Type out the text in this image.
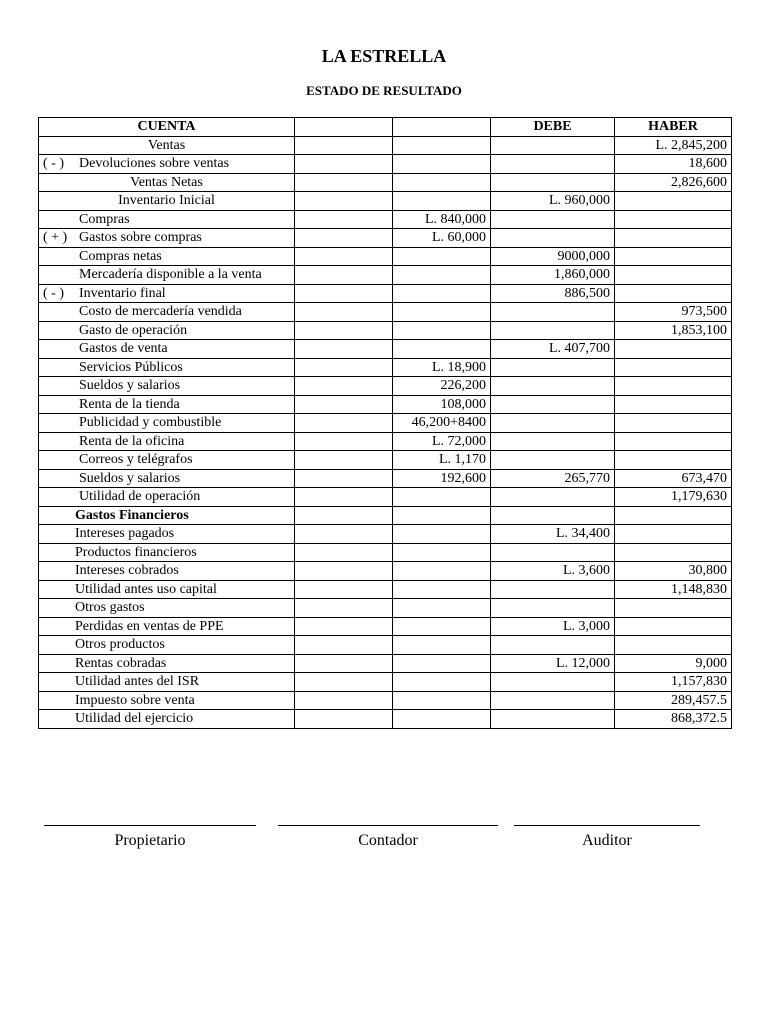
LA ESTRELLA
ESTADO DE RESULTADO
CUENTA			DEBE	HABER

Ventas				L. 2,845,200

( - ) Devoluciones sobre ventas				18,600

Ventas Netas				2,826,600

Inventario Inicial			L. 960,000	

Compras		L. 840,000		

( + ) Gastos sobre compras		L. 60,000		

Compras netas			9000,000	

Mercadería disponible a la venta			1,860,000	

( - ) Inventario final			886,500	

Costo de mercadería vendida				973,500

Gasto de operación				1,853,100

Gastos de venta			L. 407,700	

Servicios Públicos		L. 18,900		

Sueldos y salarios		226,200		

Renta de la tienda		108,000		

Publicidad y combustible		46,200+8400		

Renta de la oficina		L. 72,000		

Correos y telégrafos		L. 1,170		

Sueldos y salarios		192,600	265,770	673,470

Utilidad de operación				1,179,630

Gastos Financieros				

Intereses pagados			L. 34,400	

Productos financieros				

Intereses cobrados			L. 3,600	30,800

Utilidad antes uso capital				1,148,830

Otros gastos				

Perdidas en ventas de PPE			L. 3,000	

Otros productos				

Rentas cobradas			L. 12,000	9,000

Utilidad antes del ISR				1,157,830

Impuesto sobre venta				289,457.5

Utilidad del ejercicio				868,372.5
Propietario	Contador	Auditor
